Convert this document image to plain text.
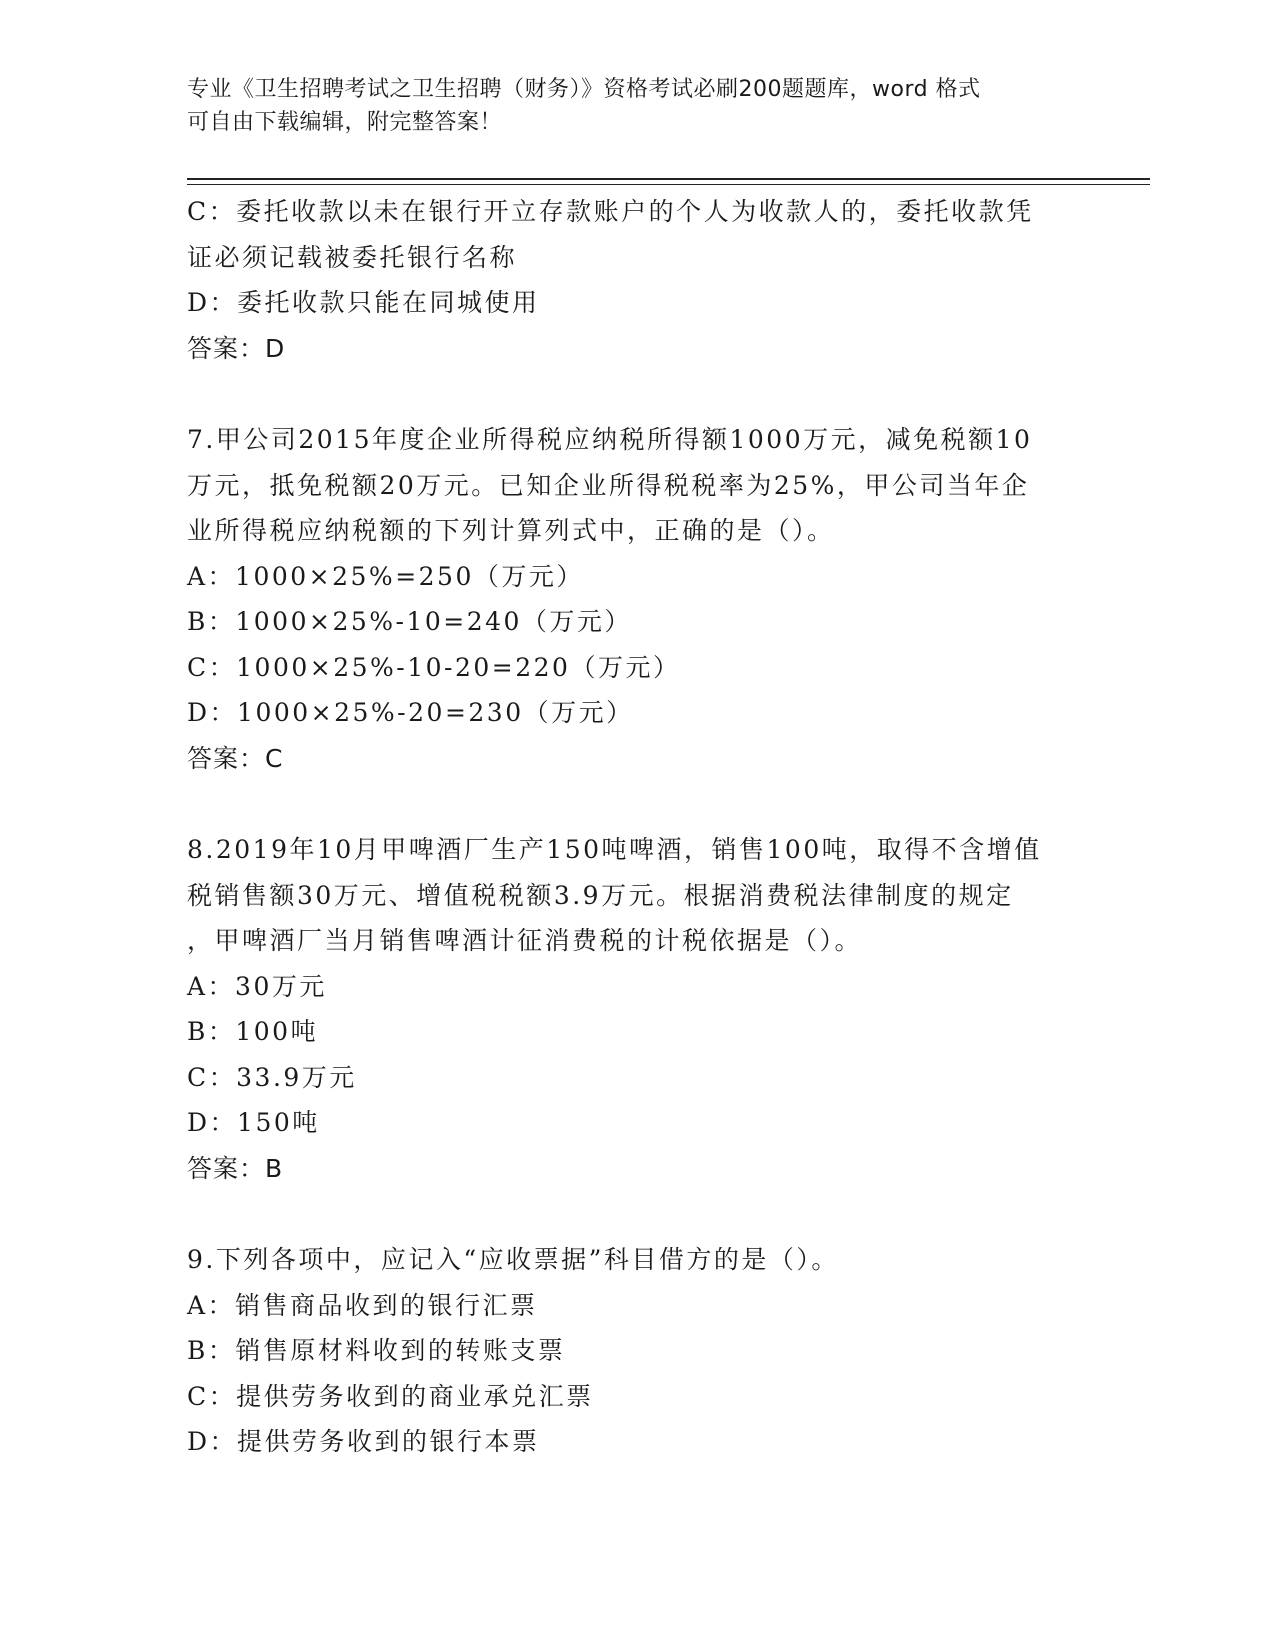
专业《卫生招聘考试之卫生招聘（财务）》资格考试必刷200题题库，word 格式
可自由下载编辑，附完整答案！
C：委托收款以未在银行开立存款账户的个人为收款人的，委托收款凭
证必须记载被委托银行名称
D：委托收款只能在同城使用
答案：D
7.甲公司2015年度企业所得税应纳税所得额1000万元，减免税额10
万元，抵免税额20万元。已知企业所得税税率为25%，甲公司当年企
业所得税应纳税额的下列计算列式中，正确的是（）。
A：1000×25%=250（万元）
B：1000×25%-10=240（万元）
C：1000×25%-10-20=220（万元）
D：1000×25%-20=230（万元）
答案：C
8.2019年10月甲啤酒厂生产150吨啤酒，销售100吨，取得不含增值
税销售额30万元、增值税税额3.9万元。根据消费税法律制度的规定
，甲啤酒厂当月销售啤酒计征消费税的计税依据是（）。
A：30万元
B：100吨
C：33.9万元
D：150吨
答案：B
9.下列各项中，应记入“应收票据”科目借方的是（）。
A：销售商品收到的银行汇票
B：销售原材料收到的转账支票
C：提供劳务收到的商业承兑汇票
D：提供劳务收到的银行本票
